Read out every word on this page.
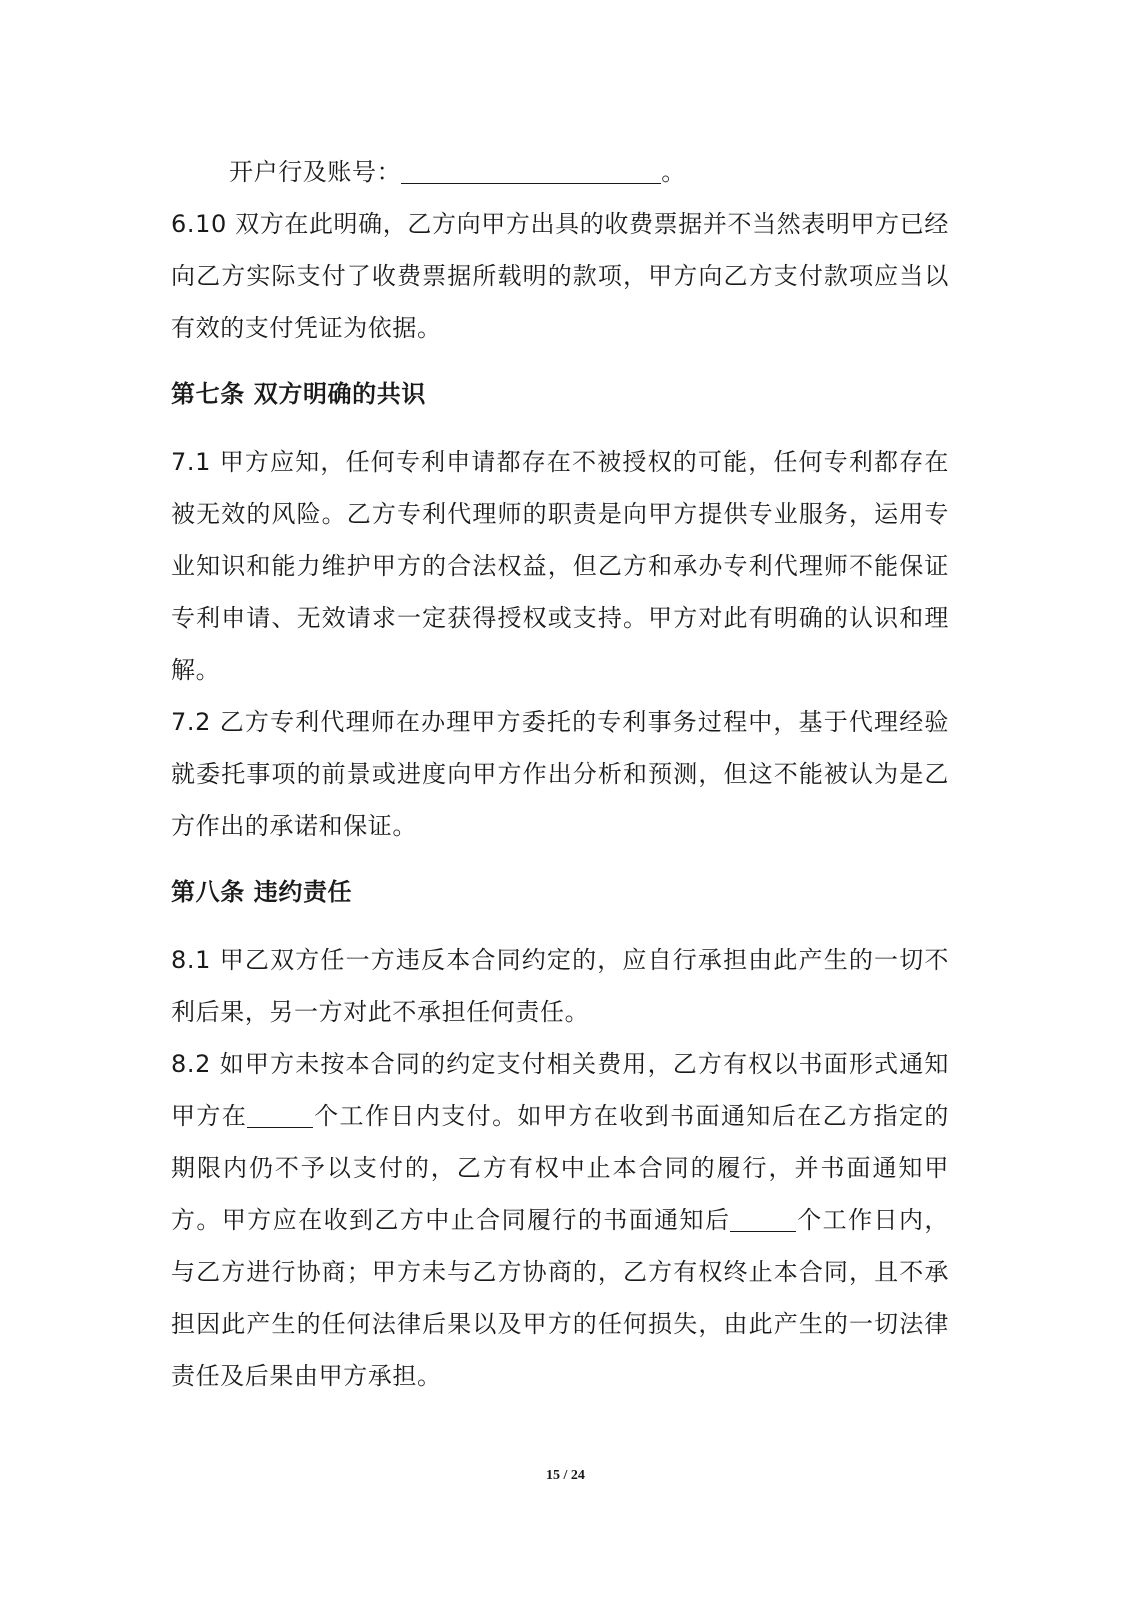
开户行及账号：	。

6.10 双方在此明确，乙方向甲方出具的收费票据并不当然表明甲方已经向乙方实际支付了收费票据所载明的款项，甲方向乙方支付款项应当以有效的支付凭证为依据。

第七条 双方明确的共识

7.1 甲方应知，任何专利申请都存在不被授权的可能，任何专利都存在被无效的风险。乙方专利代理师的职责是向甲方提供专业服务，运用专业知识和能力维护甲方的合法权益，但乙方和承办专利代理师不能保证专利申请、无效请求一定获得授权或支持。甲方对此有明确的认识和理解。

7.2 乙方专利代理师在办理甲方委托的专利事务过程中，基于代理经验就委托事项的前景或进度向甲方作出分析和预测，但这不能被认为是乙方作出的承诺和保证。

第八条 违约责任

8.1 甲乙双方任一方违反本合同约定的，应自行承担由此产生的一切不利后果，另一方对此不承担任何责任。

8.2 如甲方未按本合同的约定支付相关费用，乙方有权以书面形式通知甲方在	个工作日内支付。如甲方在收到书面通知后在乙方指定的期限内仍不予以支付的，乙方有权中止本合同的履行，并书面通知甲方。甲方应在收到乙方中止合同履行的书面通知后	个工作日内，与乙方进行协商；甲方未与乙方协商的，乙方有权终止本合同，且不承担因此产生的任何法律后果以及甲方的任何损失，由此产生的一切法律责任及后果由甲方承担。

15 / 24
